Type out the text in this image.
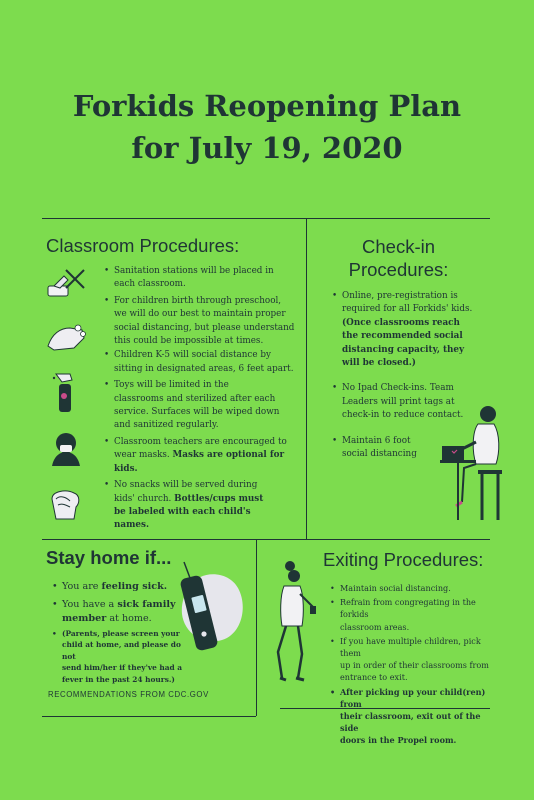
Forkids Reopening Plan
for July 19, 2020
Classroom Procedures:
• Sanitation stations will be placed in
each classroom.
• For children birth through preschool,
we will do our best to maintain proper
social distancing, but please understand
this could be impossible at times.
• Children K-5 will social distance by
sitting in designated areas, 6 feet apart.
• Toys will be limited in the
classrooms and sterilized after each
service. Surfaces will be wiped down
and sanitized regularly.
• Classroom teachers are encouraged to
wear masks. Masks are optional for
kids.
• No snacks will be served during
kids' church. Bottles/cups must
be labeled with each child's
names.
Check-in
Procedures:
• Online, pre-registration is
required for all Forkids' kids.
(Once classrooms reach
the recommended social
distancing capacity, they
will be closed.)
• No Ipad Check-ins. Team
Leaders will print tags at
check-in to reduce contact.
• Maintain 6 foot
social distancing
Stay home if...
• You are feeling sick.
• You have a sick family
member at home.
• (Parents, please screen your
child at home, and please do not
send him/her if they've had a
fever in the past 24 hours.)
RECOMMENDATIONS FROM CDC.GOV
Exiting Procedures:
• Maintain social distancing.
• Refrain from congregating in the forkids
classroom areas.
• If you have multiple children, pick them
up in order of their classrooms from
entrance to exit.
• After picking up your child(ren) from
their classroom, exit out of the side
doors in the Propel room.
